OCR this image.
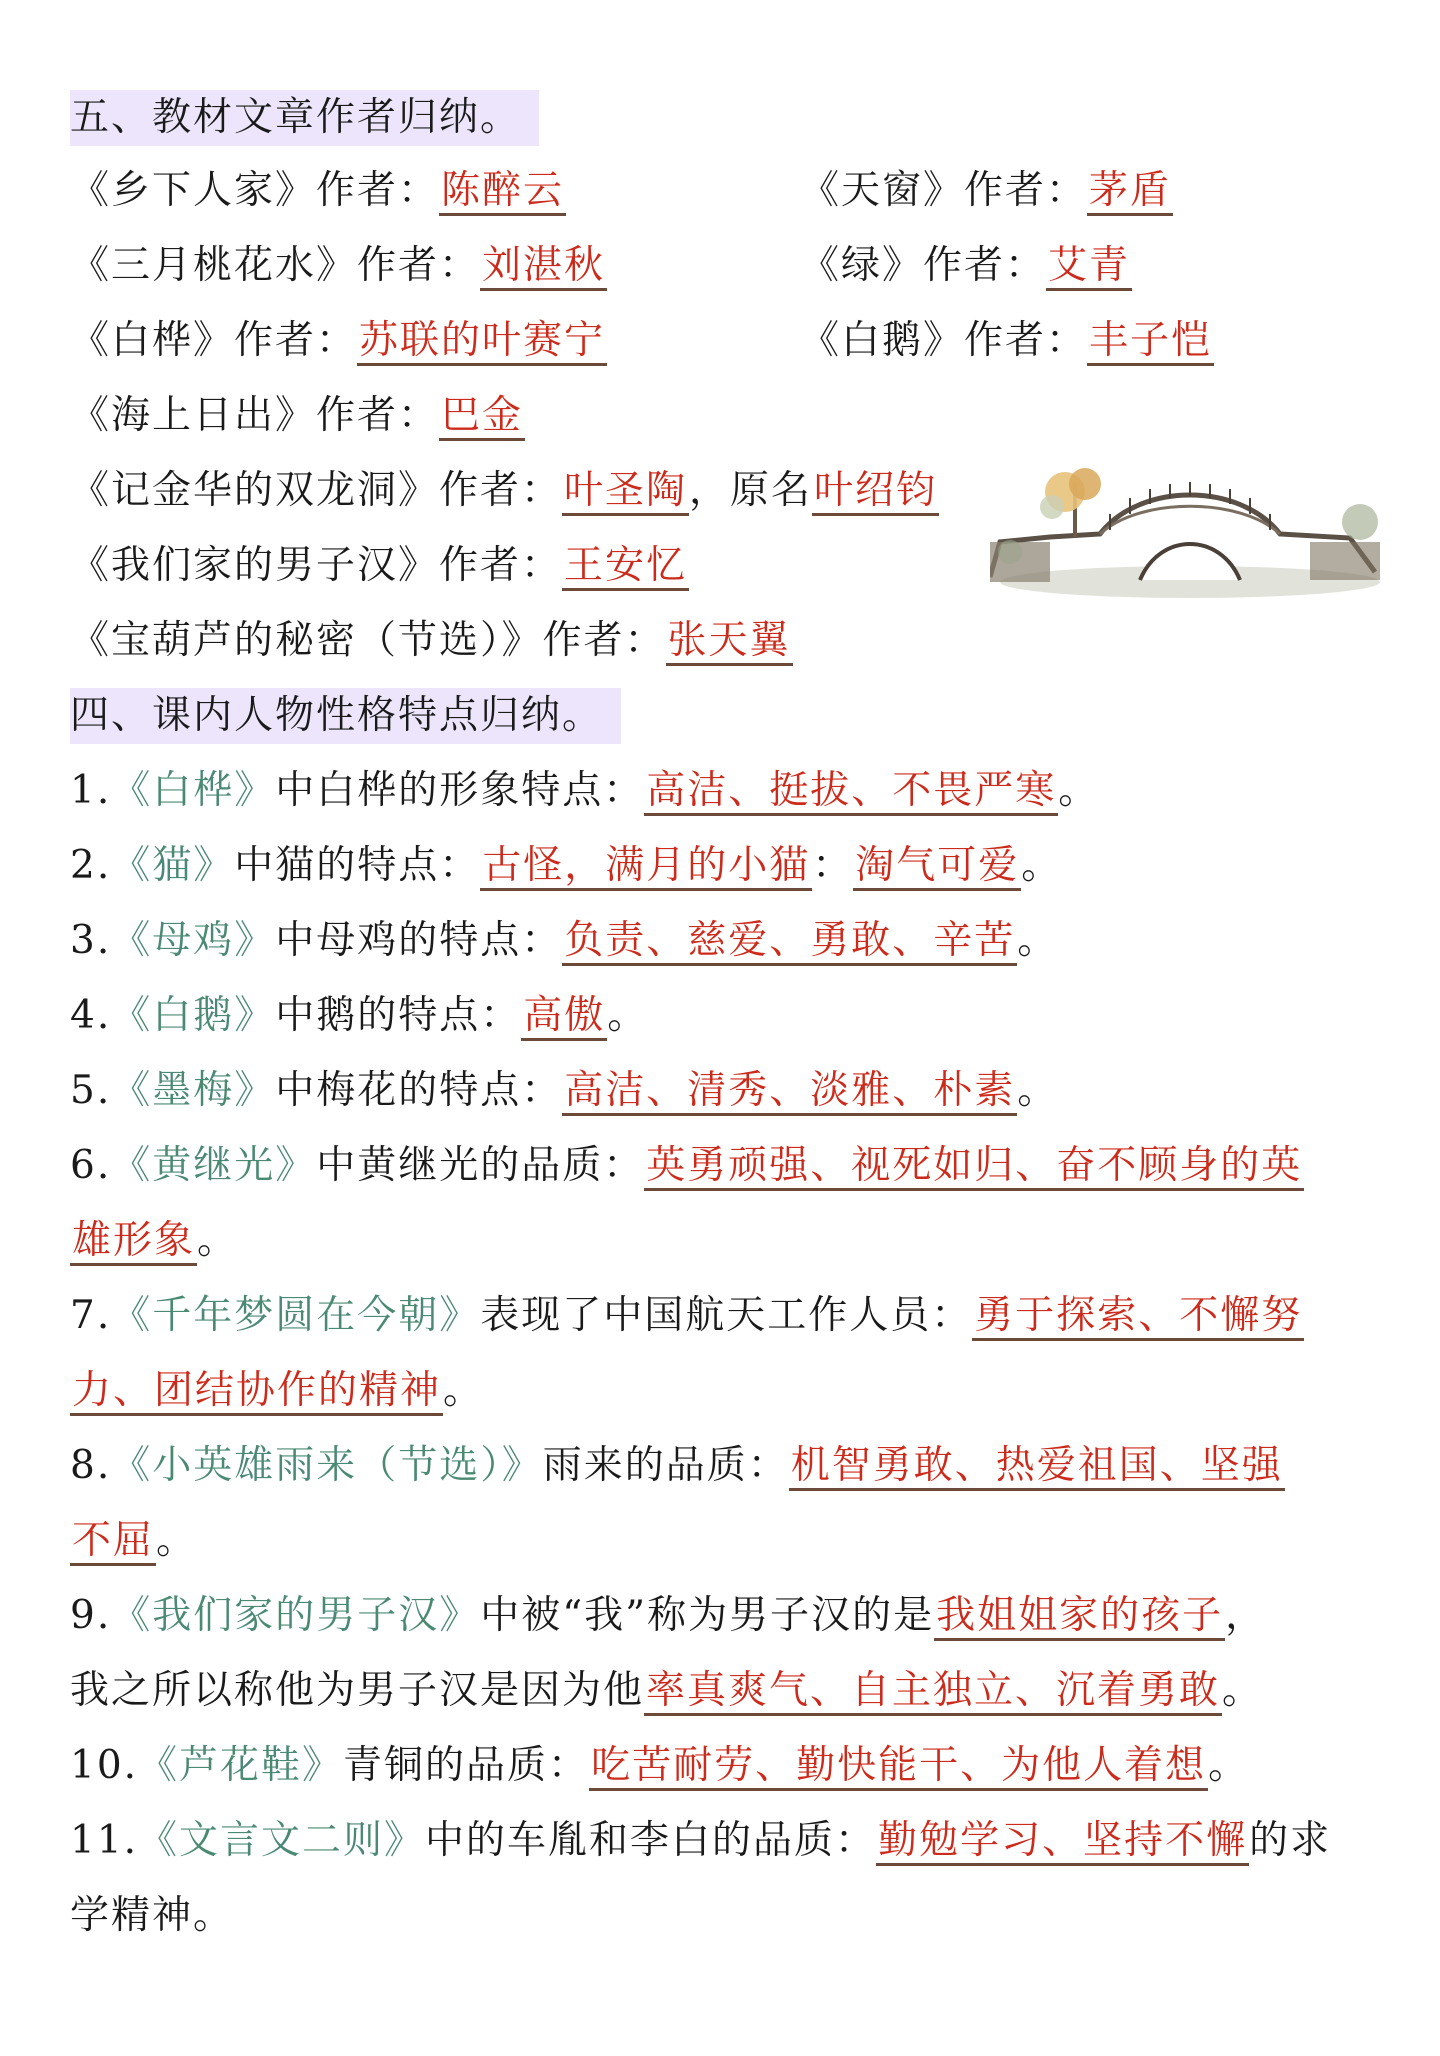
五、教材文章作者归纳。
《乡下人家》作者：陈醉云	《天窗》作者：茅盾
《三月桃花水》作者：刘湛秋	《绿》作者：艾青
《白桦》作者：苏联的叶赛宁	《白鹅》作者：丰子恺
《海上日出》作者：巴金
《记金华的双龙洞》作者：叶圣陶，原名叶绍钧
《我们家的男子汉》作者：王安忆
《宝葫芦的秘密（节选）》作者：张天翼
四、课内人物性格特点归纳。
1.《白桦》中白桦的形象特点：高洁、挺拔、不畏严寒。
2.《猫》中猫的特点：古怪，满月的小猫：淘气可爱。
3.《母鸡》中母鸡的特点：负责、慈爱、勇敢、辛苦。
4.《白鹅》中鹅的特点：高傲。
5.《墨梅》中梅花的特点：高洁、清秀、淡雅、朴素。
6.《黄继光》中黄继光的品质：英勇顽强、视死如归、奋不顾身的英
雄形象。
7.《千年梦圆在今朝》表现了中国航天工作人员：勇于探索、不懈努
力、团结协作的精神。
8.《小英雄雨来（节选）》雨来的品质：机智勇敢、热爱祖国、坚强
不屈。
9.《我们家的男子汉》中被“我”称为男子汉的是我姐姐家的孩子，
我之所以称他为男子汉是因为他率真爽气、自主独立、沉着勇敢。
10.《芦花鞋》青铜的品质：吃苦耐劳、勤快能干、为他人着想。
11.《文言文二则》中的车胤和李白的品质：勤勉学习、坚持不懈的求
学精神。
